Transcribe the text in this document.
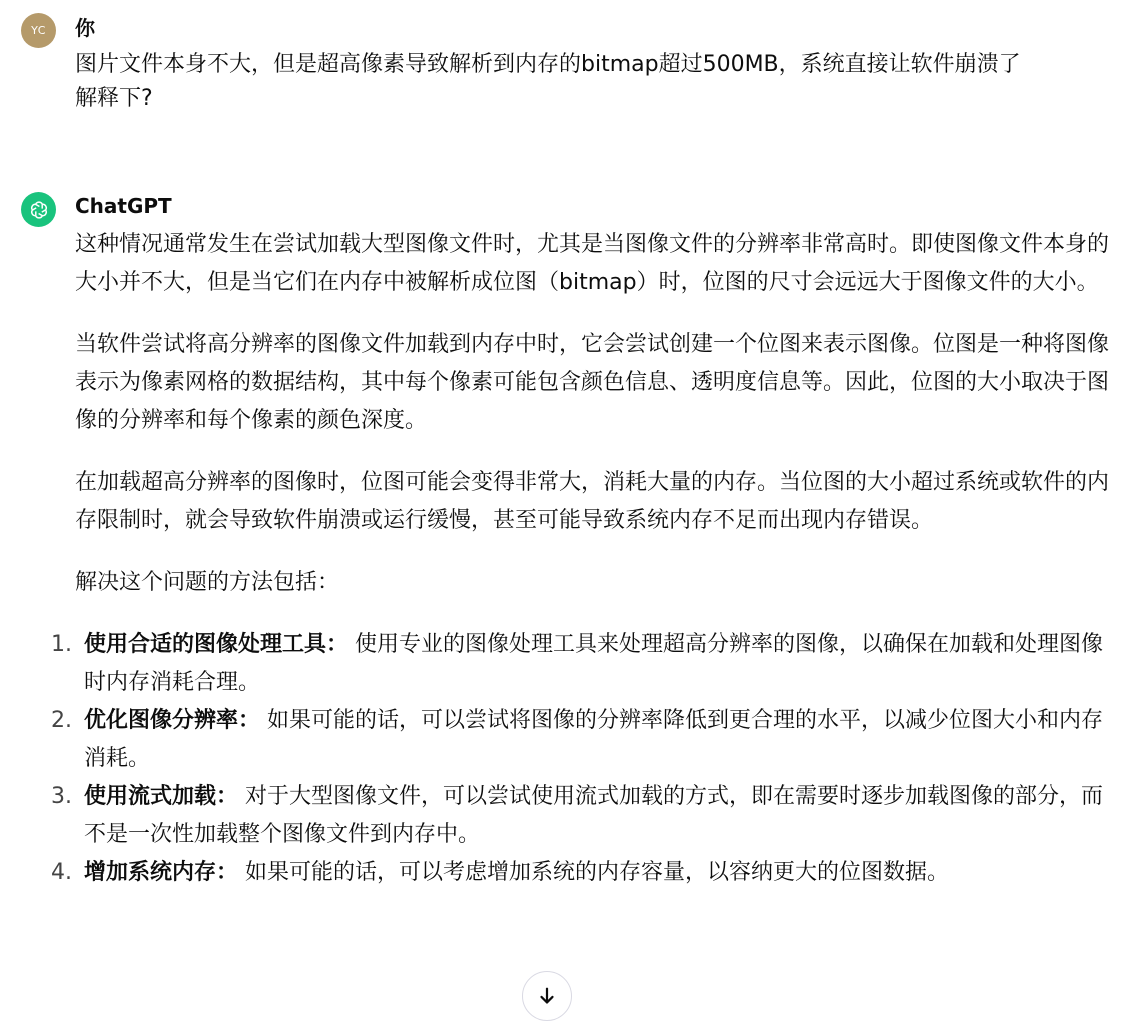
YC 你
图片文件本身不大，但是超高像素导致解析到内存的bitmap超过500MB，系统直接让软件崩溃了
解释下?
ChatGPT

这种情况通常发生在尝试加载大型图像文件时，尤其是当图像文件的分辨率非常高时。即使图像文件本身的大小并不大，但是当它们在内存中被解析成位图（bitmap）时，位图的尺寸会远远大于图像文件的大小。

当软件尝试将高分辨率的图像文件加载到内存中时，它会尝试创建一个位图来表示图像。位图是一种将图像表示为像素网格的数据结构，其中每个像素可能包含颜色信息、透明度信息等。因此，位图的大小取决于图像的分辨率和每个像素的颜色深度。

在加载超高分辨率的图像时，位图可能会变得非常大，消耗大量的内存。当位图的大小超过系统或软件的内存限制时，就会导致软件崩溃或运行缓慢，甚至可能导致系统内存不足而出现内存错误。

解决这个问题的方法包括：

1. 使用合适的图像处理工具： 使用专业的图像处理工具来处理超高分辨率的图像，以确保在加载和处理图像时内存消耗合理。
2. 优化图像分辨率： 如果可能的话，可以尝试将图像的分辨率降低到更合理的水平，以减少位图大小和内存消耗。
3. 使用流式加载： 对于大型图像文件，可以尝试使用流式加载的方式，即在需要时逐步加载图像的部分，而不是一次性加载整个图像文件到内存中。
4. 增加系统内存： 如果可能的话，可以考虑增加系统的内存容量，以容纳更大的位图数据。
